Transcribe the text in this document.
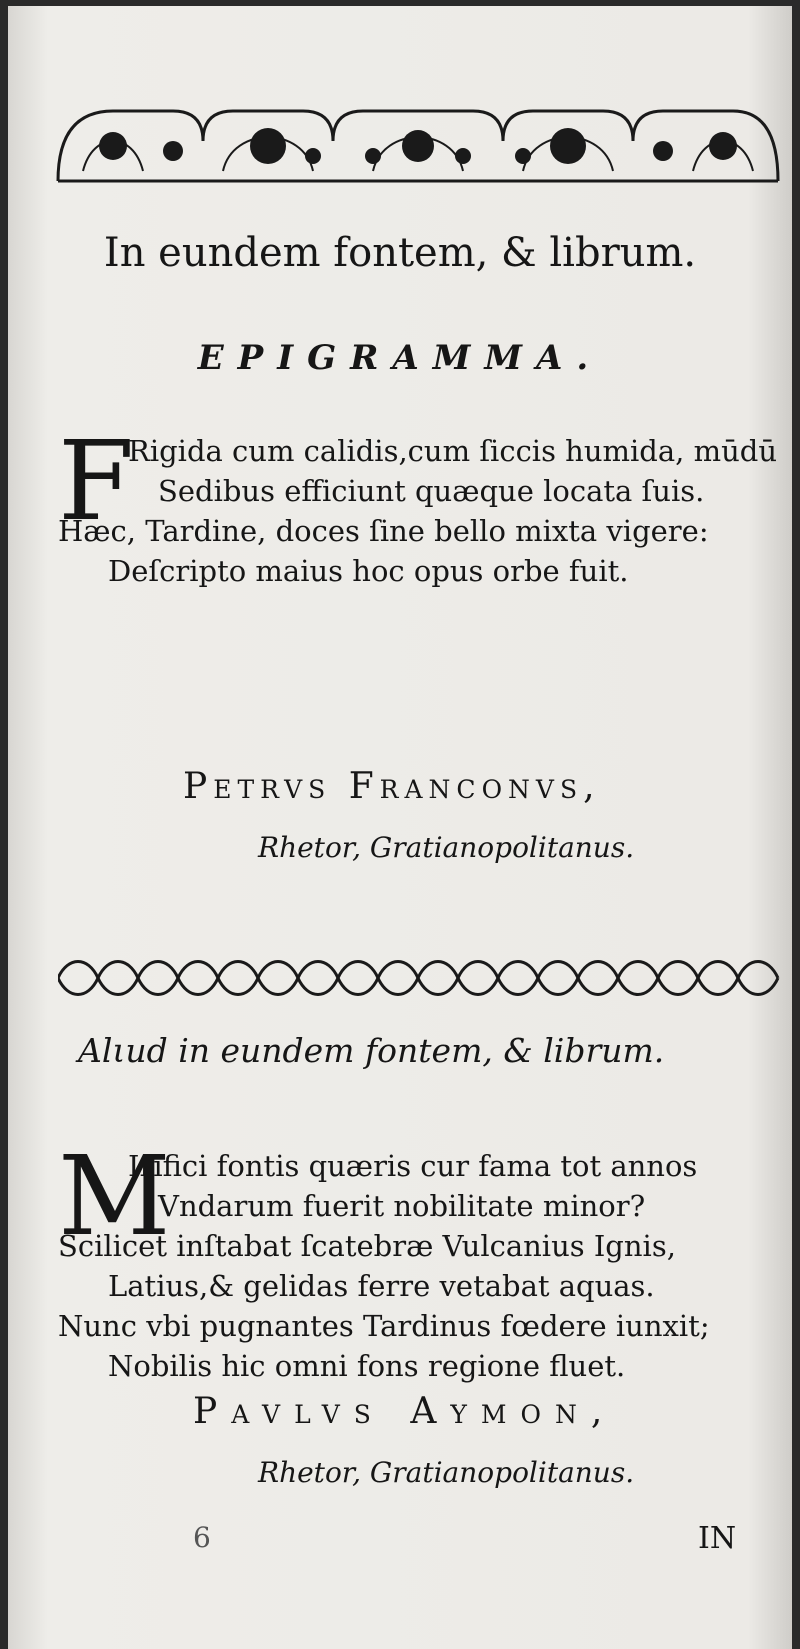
In eundem fontem, & librum.
EPIGRAMMA.
F
Rigida cum calidis,cum ſiccis humida, mūdū
Sedibus efficiunt quæque locata ſuis.
Hæc, Tardine, doces ſine bello mixta vigere:
Deſcripto maius hoc opus orbe fuit.
Petrvs Franconvs,
Rhetor, Gratianopolitanus.
Alιud in eundem fontem, & librum.
M
Irifici fontis quæris cur fama tot annos
Vndarum fuerit nobilitate minor?
Scilicet inſtabat ſcatebræ Vulcanius Ignis,
Latius,& gelidas ferre vetabat aquas.
Nunc vbi pugnantes Tardinus fœdere iunxit;
Nobilis hic omni fons regione fluet.
Pavlvs Aymon,
Rhetor, Gratianopolitanus.
6	IN
